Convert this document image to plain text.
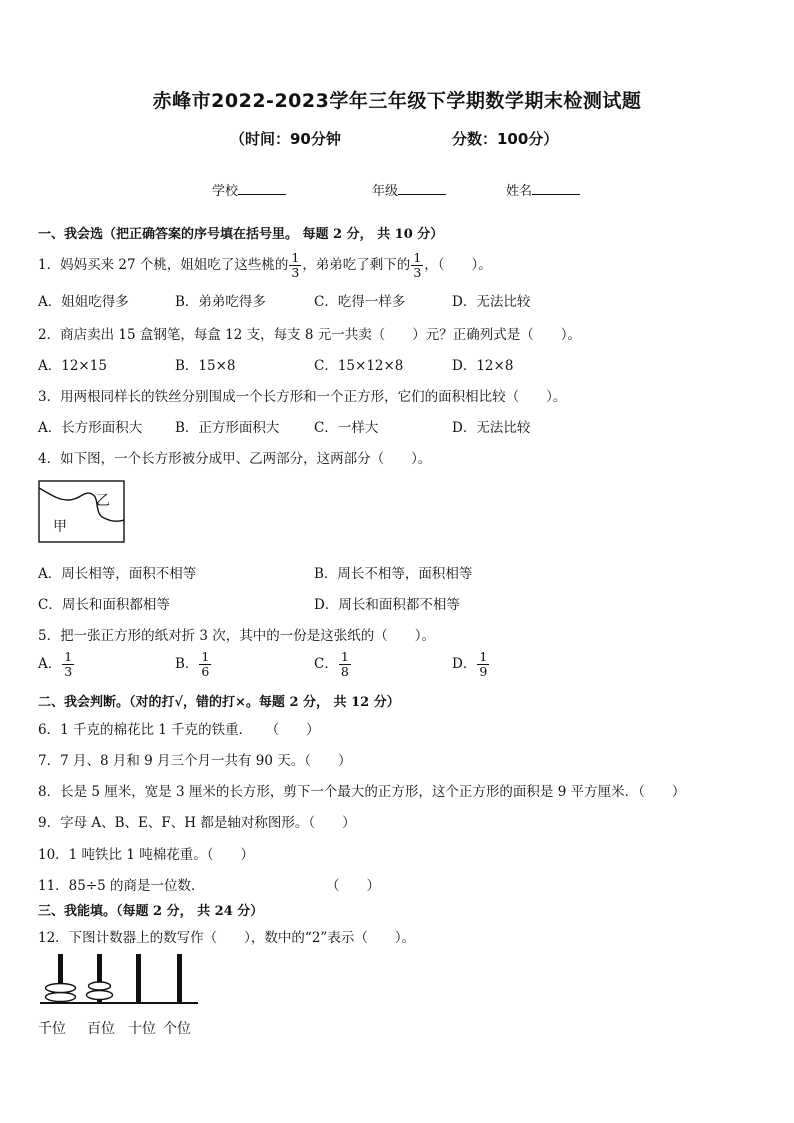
赤峰市2022-2023学年三年级下学期数学期末检测试题
（时间：90分钟	分数：100分）
学校	年级	姓名
一、我会选（把正确答案的序号填在括号里。 每题 2 分， 共 10 分）
1．妈妈买来 27 个桃，姐姐吃了这些桃的 $\frac{1}{3}$ ，弟弟吃了剩下的 $\frac{1}{3}$ ，（　　）。
A．姐姐吃得多	B．弟弟吃得多	C．吃得一样多	D．无法比较
2．商店卖出 15 盒钢笔，每盒 12 支，每支 8 元一共卖（　　）元？正确列式是（　　）。
A．12×15	B．15×8	C．15×12×8	D．12×8
3．用两根同样长的铁丝分别围成一个长方形和一个正方形，它们的面积相比较（　　）。
A．长方形面积大 B．正方形面积大	C．一样大	D．无法比较
4．如下图，一个长方形被分成甲、乙两部分，这两部分（　　）。
甲
乙
A．周长相等，面积不相等	B．周长不相等，面积相等
C．周长和面积都相等	D．周长和面积都不相等
5．把一张正方形的纸对折 3 次，其中的一份是这张纸的（　　）。
A． $\frac{1}{3}$	B． $\frac{1}{6}$	C． $\frac{1}{8}$	D． $\frac{1}{9}$
二、我会判断。（对的打√，错的打×。每题 2 分， 共 12 分）
6．1 千克的棉花比 1 千克的铁重．　　（　　）
7．7 月、8 月和 9 月三个月一共有 90 天。（　　）
8．长是 5 厘米，宽是 3 厘米的长方形，剪下一个最大的正方形，这个正方形的面积是 9 平方厘米．（　　）
9．字母 A、B、E、F、H 都是轴对称图形。（　　）
10．1 吨铁比 1 吨棉花重。（　　）
11．85÷5 的商是一位数．　　　　　　　　　　（　　）
三、我能填。（每题 2 分， 共 24 分）
12．下图计数器上的数写作（　　），数中的“2”表示（　　）。
千位 百位 十位 个位
